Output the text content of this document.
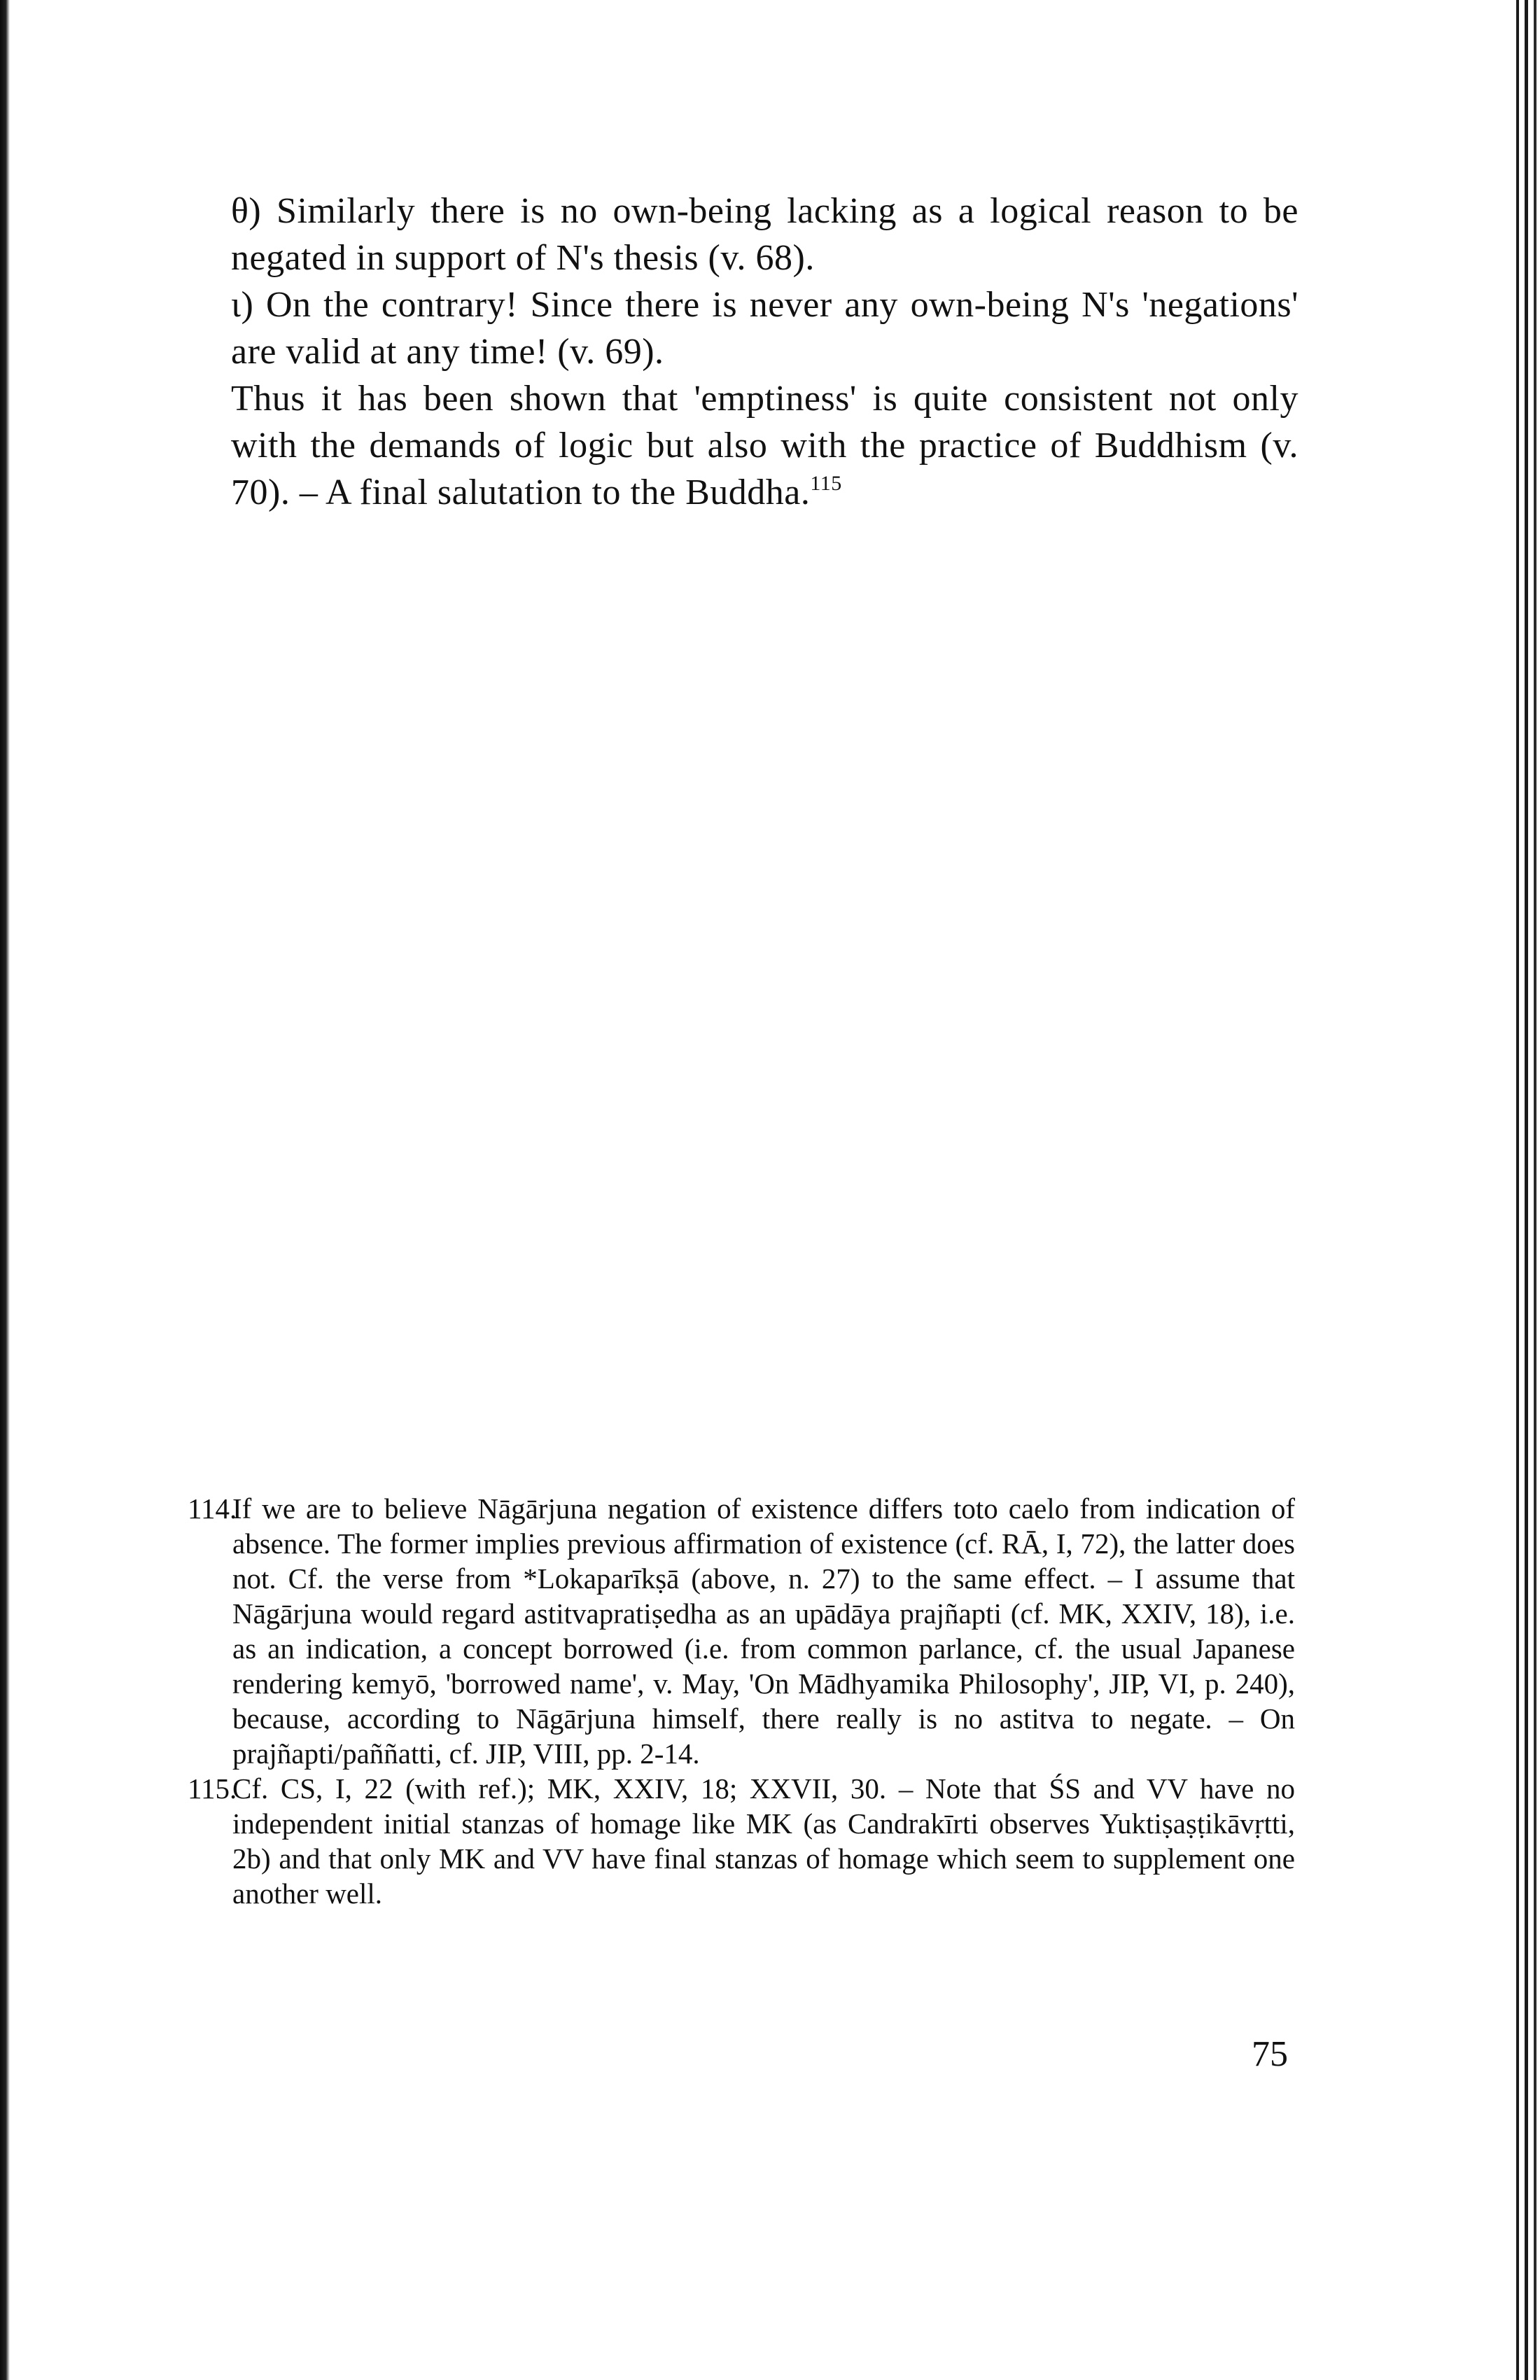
θ) Similarly there is no own-being lacking as a logical reason to be negated in support of N's thesis (v. 68).

ι) On the contrary! Since there is never any own-being N's 'negations' are valid at any time! (v. 69).

Thus it has been shown that 'emptiness' is quite consistent not only with the demands of logic but also with the practice of Buddhism (v. 70). – A final salutation to the Buddha.$^{115}$

114.
If we are to believe Nāgārjuna negation of existence differs toto caelo from indication of absence. The former implies previous affirmation of existence (cf. RĀ, I, 72), the latter does not. Cf. the verse from *Lokaparīkṣā (above, n. 27) to the same effect. – I assume that Nāgārjuna would regard astitvapratiṣedha as an upādāya prajñapti (cf. MK, XXIV, 18), i.e. as an indication, a concept borrowed (i.e. from common parlance, cf. the usual Japanese rendering kemyō, 'borrowed name', v. May, 'On Mādhyamika Philosophy', JIP, VI, p. 240), because, according to Nāgārjuna himself, there really is no astitva to negate. – On prajñapti/paññatti, cf. JIP, VIII, pp. 2-14.
115.
Cf. CS, I, 22 (with ref.); MK, XXIV, 18; XXVII, 30. – Note that ŚS and VV have no independent initial stanzas of homage like MK (as Candrakīrti observes Yuktiṣaṣṭikāvṛtti, 2b) and that only MK and VV have final stanzas of homage which seem to supplement one another well.
75
